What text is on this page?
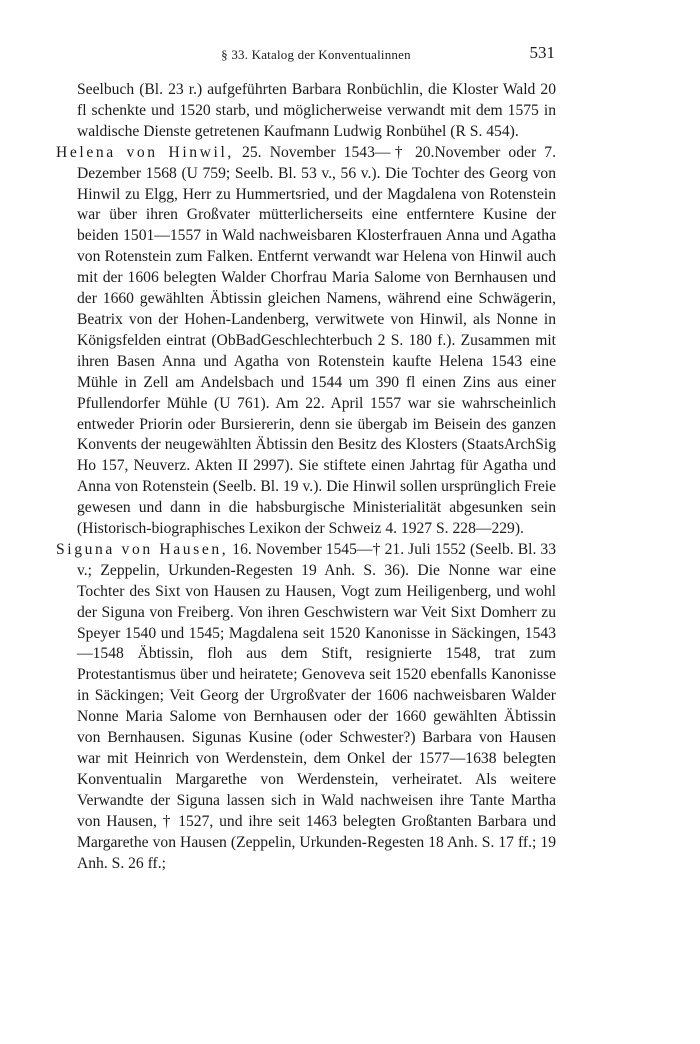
§ 33. Katalog der Konventualinnen	531

Seelbuch (Bl. 23 r.) aufgeführten Barbara Ronbüchlin, die Kloster Wald 20 fl schenkte und 1520 starb, und möglicherweise verwandt mit dem 1575 in waldische Dienste getretenen Kaufmann Ludwig Ronbühel (R S. 454).

Helena von Hinwil, 25. November 1543—† 20.November oder 7. Dezember 1568 (U 759; Seelb. Bl. 53 v., 56 v.). Die Tochter des Georg von Hinwil zu Elgg, Herr zu Hummertsried, und der Magdalena von Rotenstein war über ihren Großvater mütterlicherseits eine entferntere Kusine der beiden 1501—1557 in Wald nachweisbaren Klosterfrauen Anna und Agatha von Rotenstein zum Falken. Entfernt verwandt war Helena von Hinwil auch mit der 1606 belegten Walder Chorfrau Maria Salome von Bernhausen und der 1660 gewählten Äbtissin gleichen Namens, während eine Schwägerin, Beatrix von der Hohen-Landenberg, verwitwete von Hinwil, als Nonne in Königsfelden eintrat (ObBadGeschlechterbuch 2 S. 180 f.). Zusammen mit ihren Basen Anna und Agatha von Rotenstein kaufte Helena 1543 eine Mühle in Zell am Andelsbach und 1544 um 390 fl einen Zins aus einer Pfullendorfer Mühle (U 761). Am 22. April 1557 war sie wahrscheinlich entweder Priorin oder Bursiererin, denn sie übergab im Beisein des ganzen Konvents der neugewählten Äbtissin den Besitz des Klosters (StaatsArchSig Ho 157, Neuverz. Akten II 2997). Sie stiftete einen Jahrtag für Agatha und Anna von Rotenstein (Seelb. Bl. 19 v.). Die Hinwil sollen ursprünglich Freie gewesen und dann in die habsburgische Ministerialität abgesunken sein (Historisch-biographisches Lexikon der Schweiz 4. 1927 S. 228—229).

Siguna von Hausen, 16. November 1545—† 21. Juli 1552 (Seelb. Bl. 33 v.; Zeppelin, Urkunden-Regesten 19 Anh. S. 36). Die Nonne war eine Tochter des Sixt von Hausen zu Hausen, Vogt zum Heiligenberg, und wohl der Siguna von Freiberg. Von ihren Geschwistern war Veit Sixt Domherr zu Speyer 1540 und 1545; Magdalena seit 1520 Kanonisse in Säckingen, 1543—1548 Äbtissin, floh aus dem Stift, resignierte 1548, trat zum Protestantismus über und heiratete; Genoveva seit 1520 ebenfalls Kanonisse in Säckingen; Veit Georg der Urgroßvater der 1606 nachweisbaren Walder Nonne Maria Salome von Bernhausen oder der 1660 gewählten Äbtissin von Bernhausen. Sigunas Kusine (oder Schwester?) Barbara von Hausen war mit Heinrich von Werdenstein, dem Onkel der 1577—1638 belegten Konventualin Margarethe von Werdenstein, verheiratet. Als weitere Verwandte der Siguna lassen sich in Wald nachweisen ihre Tante Martha von Hausen, † 1527, und ihre seit 1463 belegten Großtanten Barbara und Margarethe von Hausen (Zeppelin, Urkunden-Regesten 18 Anh. S. 17 ff.; 19 Anh. S. 26 ff.;
